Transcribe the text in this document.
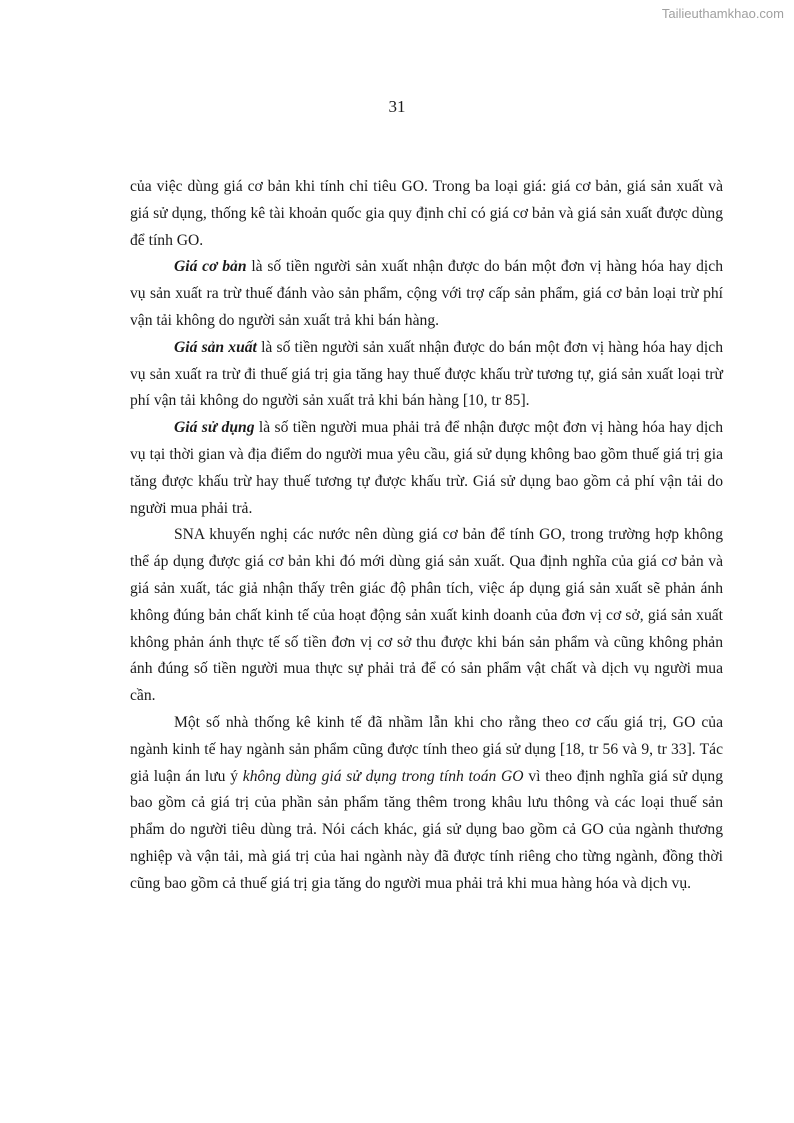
Tailieuthamkhao.com
31

của việc dùng giá cơ bản khi tính chỉ tiêu GO. Trong ba loại giá: giá cơ bản, giá sản xuất và giá sử dụng, thống kê tài khoản quốc gia quy định chỉ có giá cơ bản và giá sản xuất được dùng để tính GO.

Giá cơ bản là số tiền người sản xuất nhận được do bán một đơn vị hàng hóa hay dịch vụ sản xuất ra trừ thuế đánh vào sản phẩm, cộng với trợ cấp sản phẩm, giá cơ bản loại trừ phí vận tải không do người sản xuất trả khi bán hàng.

Giá sản xuất là số tiền người sản xuất nhận được do bán một đơn vị hàng hóa hay dịch vụ sản xuất ra trừ đi thuế giá trị gia tăng hay thuế được khấu trừ tương tự, giá sản xuất loại trừ phí vận tải không do người sản xuất trả khi bán hàng [10, tr 85].

Giá sử dụng là số tiền người mua phải trả để nhận được một đơn vị hàng hóa hay dịch vụ tại thời gian và địa điểm do người mua yêu cầu, giá sử dụng không bao gồm thuế giá trị gia tăng được khấu trừ hay thuế tương tự được khấu trừ. Giá sử dụng bao gồm cả phí vận tải do người mua phải trả.

SNA khuyến nghị các nước nên dùng giá cơ bản để tính GO, trong trường hợp không thể áp dụng được giá cơ bản khi đó mới dùng giá sản xuất. Qua định nghĩa của giá cơ bản và giá sản xuất, tác giả nhận thấy trên giác độ phân tích, việc áp dụng giá sản xuất sẽ phản ánh không đúng bản chất kinh tế của hoạt động sản xuất kinh doanh của đơn vị cơ sở, giá sản xuất không phản ánh thực tế số tiền đơn vị cơ sở thu được khi bán sản phẩm và cũng không phản ánh đúng số tiền người mua thực sự phải trả để có sản phẩm vật chất và dịch vụ người mua cần.

Một số nhà thống kê kinh tế đã nhầm lẫn khi cho rằng theo cơ cấu giá trị, GO của ngành kinh tế hay ngành sản phẩm cũng được tính theo giá sử dụng [18, tr 56 và 9, tr 33]. Tác giả luận án lưu ý không dùng giá sử dụng trong tính toán GO vì theo định nghĩa giá sử dụng bao gồm cả giá trị của phần sản phẩm tăng thêm trong khâu lưu thông và các loại thuế sản phẩm do người tiêu dùng trả. Nói cách khác, giá sử dụng bao gồm cả GO của ngành thương nghiệp và vận tải, mà giá trị của hai ngành này đã được tính riêng cho từng ngành, đồng thời cũng bao gồm cả thuế giá trị gia tăng do người mua phải trả khi mua hàng hóa và dịch vụ.
